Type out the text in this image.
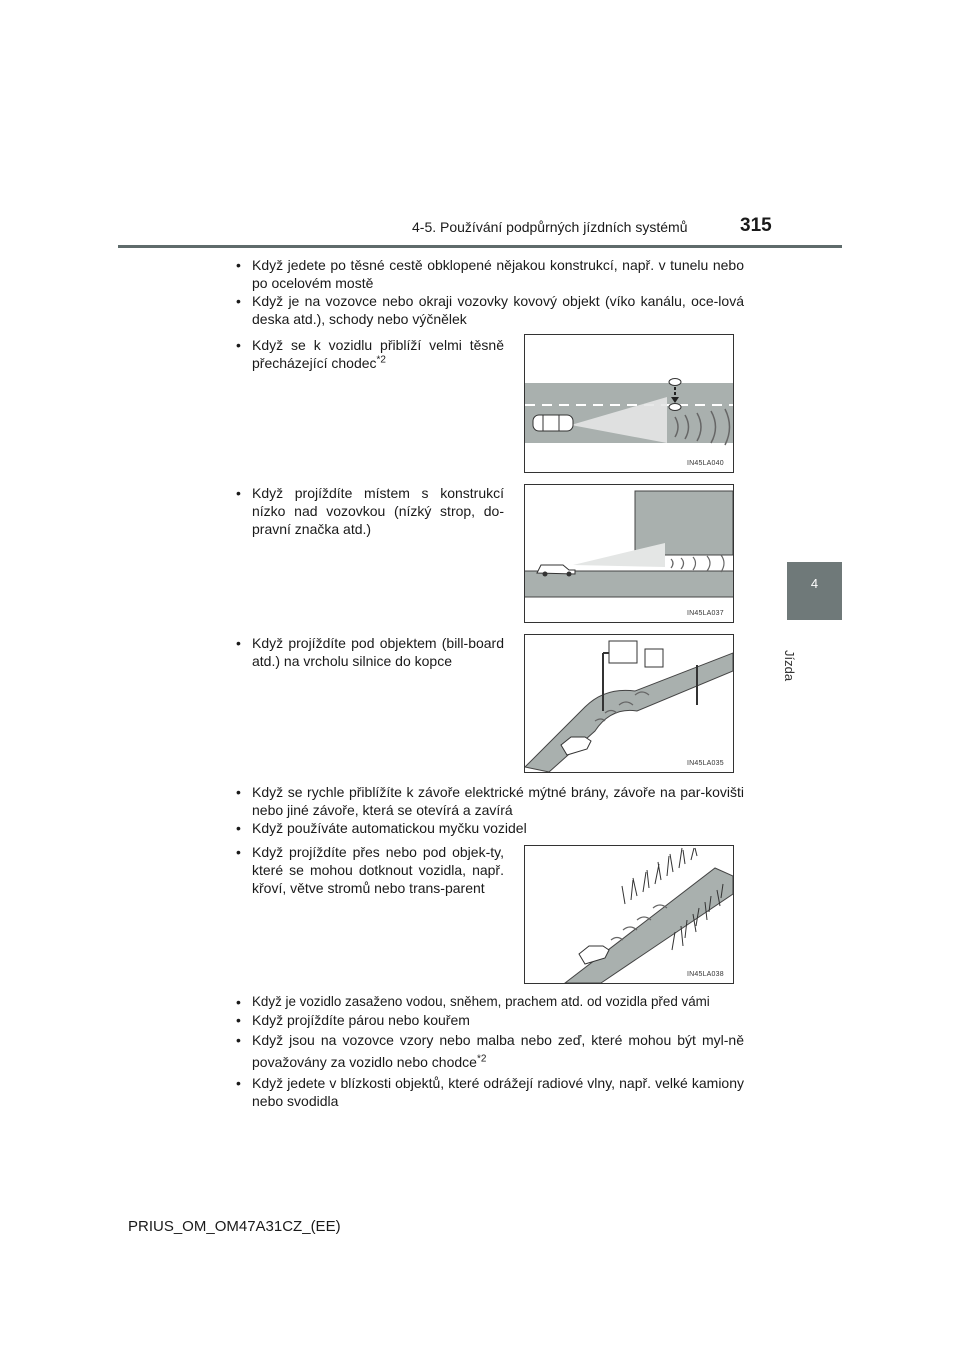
4-5. Používání podpůrných jízdních systémů	315
4
Jízda
• Když jedete po těsné cestě obklopené nějakou konstrukcí, např. v tunelu nebo po ocelovém mostě
• Když je na vozovce nebo okraji vozovky kovový objekt (víko kanálu, oce-lová deska atd.), schody nebo výčnělek
• Když se k vozidlu přiblíží velmi těsně přecházející chodec$^{*2}$
IN45LA040
• Když projíždíte místem s konstrukcí nízko nad vozovkou (nízký strop, do-pravní značka atd.)
IN45LA037
• Když projíždíte pod objektem (bill-board atd.) na vrcholu silnice do kopce
IN45LA035
• Když se rychle přiblížíte k závoře elektrické mýtné brány, závoře na par-kovišti nebo jiné závoře, která se otevírá a zavírá
• Když používáte automatickou myčku vozidel
• Když projíždíte přes nebo pod objek-ty, které se mohou dotknout vozidla, např. křoví, větve stromů nebo trans-parent
IN45LA038
• Když je vozidlo zasaženo vodou, sněhem, prachem atd. od vozidla před vámi
• Když projíždíte párou nebo kouřem
• Když jsou na vozovce vzory nebo malba nebo zeď, které mohou být myl-ně považovány za vozidlo nebo chodce$^{*2}$
• Když jedete v blízkosti objektů, které odrážejí radiové vlny, např. velké kamiony nebo svodidla
PRIUS_OM_OM47A31CZ_(EE)
